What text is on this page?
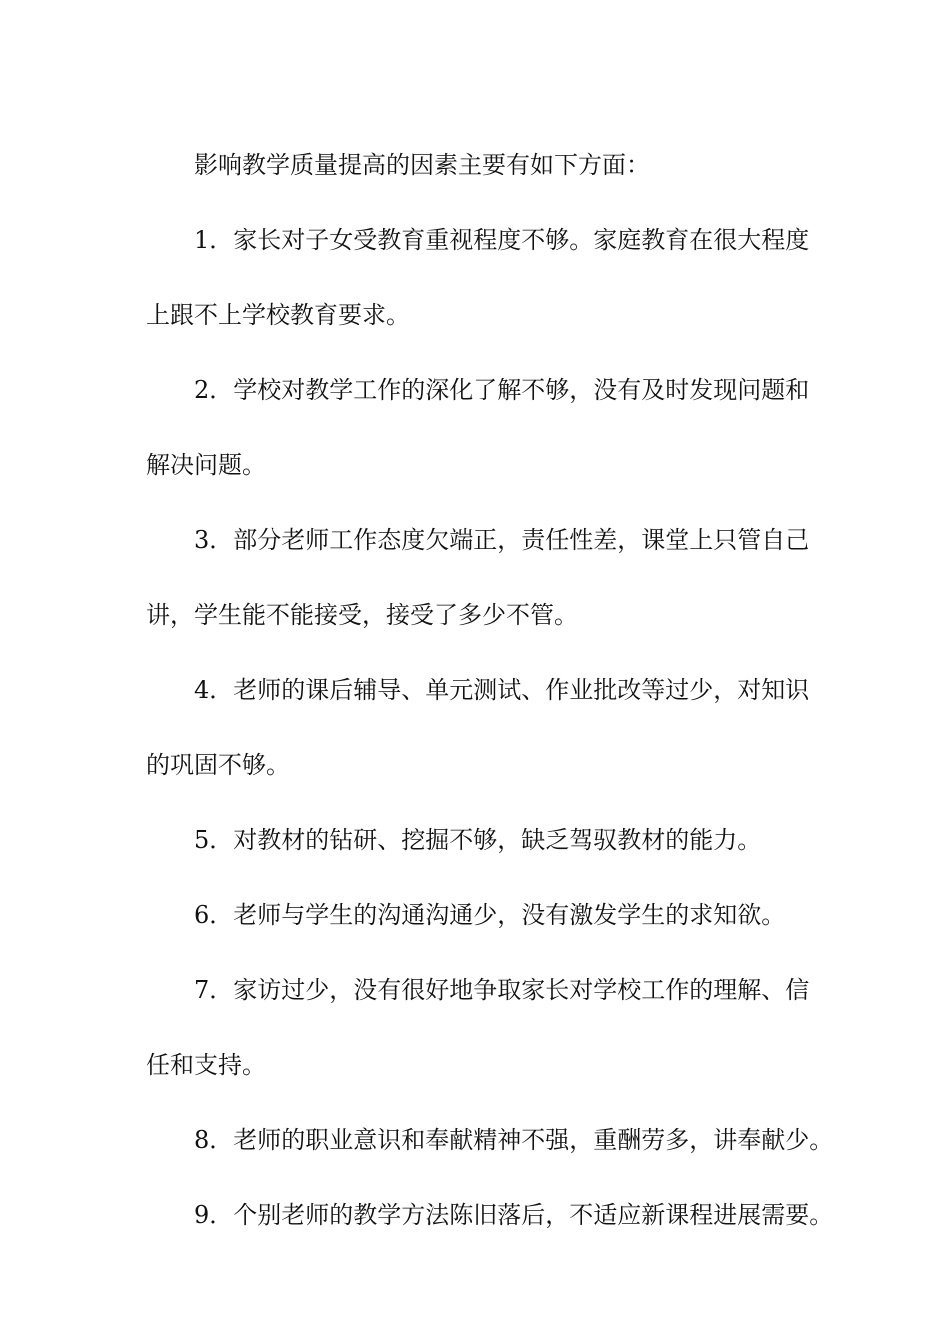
影响教学质量提高的因素主要有如下方面：
1．家长对子女受教育重视程度不够。家庭教育在很大程度
上跟不上学校教育要求。
2．学校对教学工作的深化了解不够，没有及时发现问题和
解决问题。
3．部分老师工作态度欠端正，责任性差，课堂上只管自己
讲，学生能不能接受，接受了多少不管。
4．老师的课后辅导、单元测试、作业批改等过少，对知识
的巩固不够。
5．对教材的钻研、挖掘不够，缺乏驾驭教材的能力。
6．老师与学生的沟通沟通少，没有激发学生的求知欲。
7．家访过少，没有很好地争取家长对学校工作的理解、信
任和支持。
8．老师的职业意识和奉献精神不强，重酬劳多，讲奉献少。
9．个别老师的教学方法陈旧落后，不适应新课程进展需要。
